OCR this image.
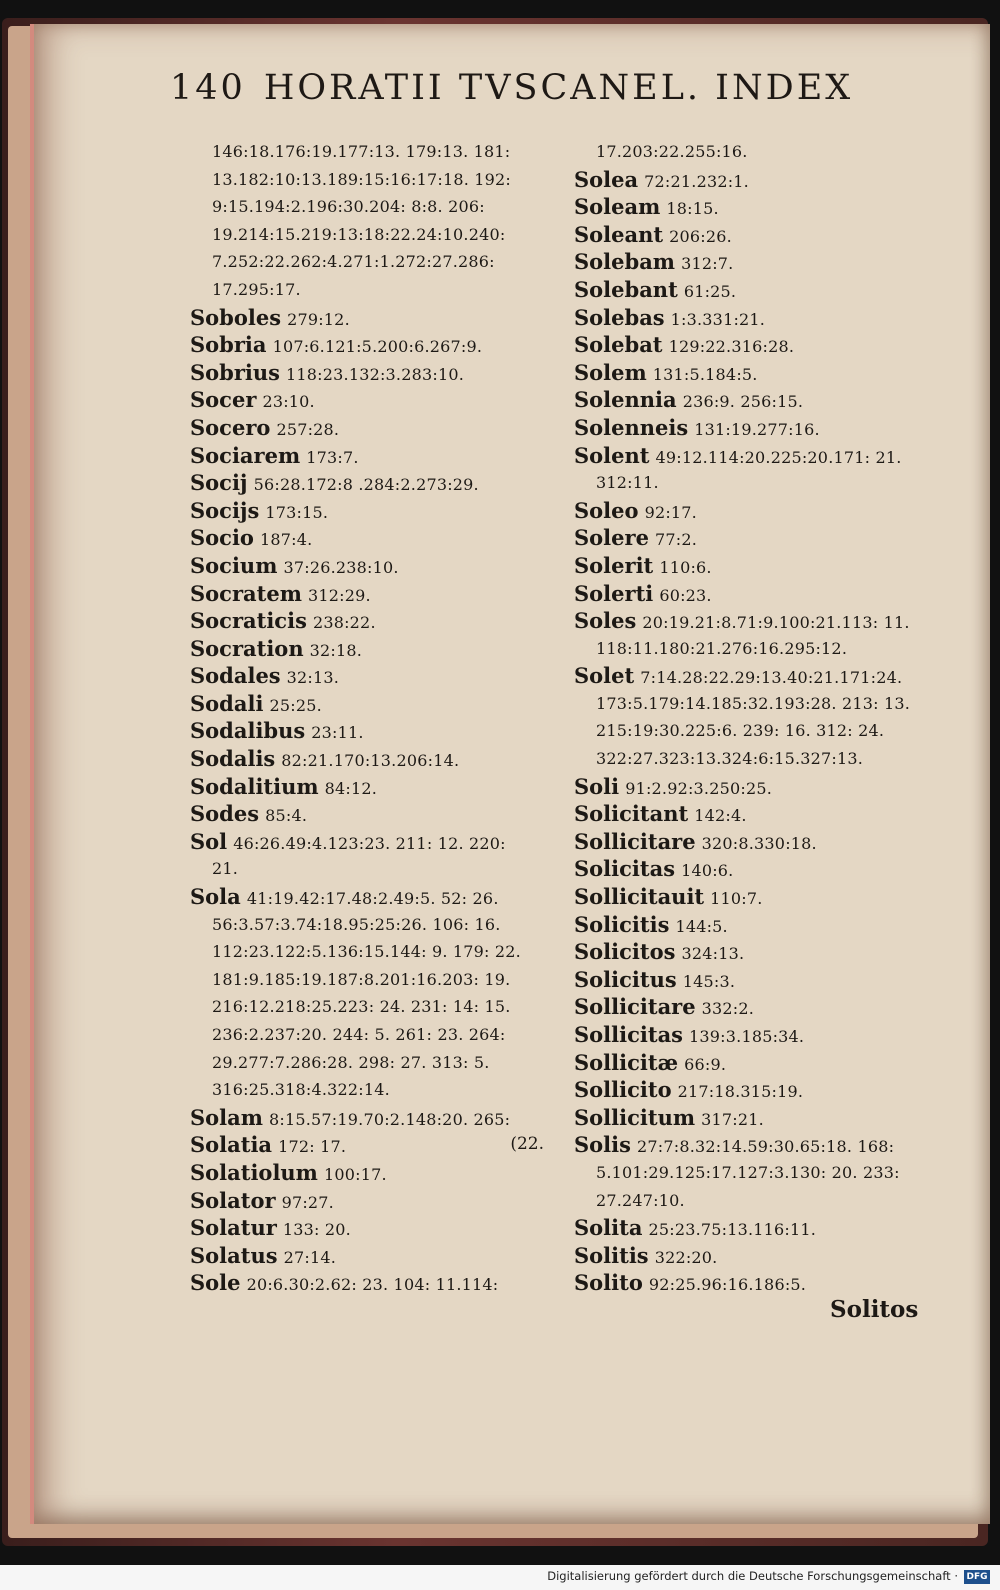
140 HORATII TVSCANEL. INDEX
146:18.176:19.177:13. 179:13. 181:
13.182:10:13.189:15:16:17:18. 192:
9:15.194:2.196:30.204: 8:8. 206:
19.214:15.219:13:18:22.24:10.240:
7.252:22.262:4.271:1.272:27.286:
17.295:17.
Soboles 279:12.
Sobria 107:6.121:5.200:6.267:9.
Sobrius 118:23.132:3.283:10.
Socer 23:10.
Socero 257:28.
Sociarem 173:7.
Socij 56:28.172:8 .284:2.273:29.
Socijs 173:15.
Socio 187:4.
Socium 37:26.238:10.
Socratem 312:29.
Socraticis 238:22.
Socration 32:18.
Sodales 32:13.
Sodali 25:25.
Sodalibus 23:11.
Sodalis 82:21.170:13.206:14.
Sodalitium 84:12.
Sodes 85:4.
Sol 46:26.49:4.123:23. 211: 12. 220:
21.
Sola 41:19.42:17.48:2.49:5. 52: 26.
56:3.57:3.74:18.95:25:26. 106: 16.
112:23.122:5.136:15.144: 9. 179: 22.
181:9.185:19.187:8.201:16.203: 19.
216:12.218:25.223: 24. 231: 14: 15.
236:2.237:20. 244: 5. 261: 23. 264:
29.277:7.286:28. 298: 27. 313: 5.
316:25.318:4.322:14.
Solam 8:15.57:19.70:2.148:20. 265:
Solatia 172: 17.	(22.
Solatiolum 100:17.
Solator 97:27.
Solatur 133: 20.
Solatus 27:14.
Sole 20:6.30:2.62: 23. 104: 11.114:
17.203:22.255:16.
Solea 72:21.232:1.
Soleam 18:15.
Soleant 206:26.
Solebam 312:7.
Solebant 61:25.
Solebas 1:3.331:21.
Solebat 129:22.316:28.
Solem 131:5.184:5.
Solennia 236:9. 256:15.
Solenneis 131:19.277:16.
Solent 49:12.114:20.225:20.171: 21.
312:11.
Soleo 92:17.
Solere 77:2.
Solerit 110:6.
Solerti 60:23.
Soles 20:19.21:8.71:9.100:21.113: 11.
118:11.180:21.276:16.295:12.
Solet 7:14.28:22.29:13.40:21.171:24.
173:5.179:14.185:32.193:28. 213: 13.
215:19:30.225:6. 239: 16. 312: 24.
322:27.323:13.324:6:15.327:13.
Soli 91:2.92:3.250:25.
Solicitant 142:4.
Sollicitare 320:8.330:18.
Solicitas 140:6.
Sollicitauit 110:7.
Solicitis 144:5.
Solicitos 324:13.
Solicitus 145:3.
Sollicitare 332:2.
Sollicitas 139:3.185:34.
Sollicitæ 66:9.
Sollicito 217:18.315:19.
Sollicitum 317:21.
Solis 27:7:8.32:14.59:30.65:18. 168:
5.101:29.125:17.127:3.130: 20. 233:
27.247:10.
Solita 25:23.75:13.116:11.
Solitis 322:20.
Solito 92:25.96:16.186:5.
Solitos
Digitalisierung gefördert durch die Deutsche Forschungsgemeinschaft · DFG
